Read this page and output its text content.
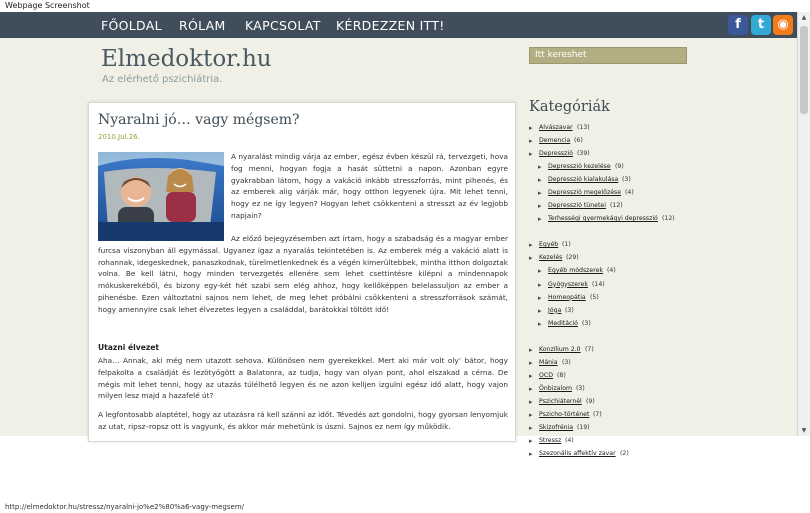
Webpage Screenshot
FŐOLDAL RÓLAM KAPCSOLAT KÉRDEZZEN ITT!	f	t	◉
Elmedoktor.hu
Az elérhető pszichiátria.
Itt kereshet
Nyaralni jó… vagy mégsem?
2010.Jul.26.
A nyaralást mindig várja az ember, egész évben készül rá, tervezgeti, hova fog menni, hogyan fogja a hasát süttetni a napon. Azonban egyre gyakrabban látom, hogy a vakáció inkább stresszforrás, mint pihenés, és az emberek alig várják már, hogy otthon legyenek újra. Mit lehet tenni, hogy ez ne így legyen? Hogyan lehet csökkenteni a stresszt az év legjobb napjain?
Az előző bejegyzésemben azt írtam, hogy a szabadság és a magyar ember furcsa viszonyban áll egymással. Ugyanez igaz a nyaralás tekintetében is. Az emberek még a vakáció alatt is rohannak, idegeskednek, panaszkodnak, türelmetlenkednek és a végén kimerültebbek, mintha itthon dolgoztak volna. Be kell látni, hogy minden tervezgetés ellenére sem lehet csettintésre kilépni a mindennapok mókuskerekéből, és bizony egy-két hét szabi sem elég ahhoz, hogy kellőképpen belelassuljon az ember a pihenésbe. Ezen változtatni sajnos nem lehet, de meg lehet próbálni csökkenteni a stresszforrások számát, hogy amennyire csak lehet élvezetes legyen a családdal, barátokkal töltött idő!
Utazni élvezet
Aha… Annak, aki még nem utazott sehova. Különösen nem gyerekekkel. Mert aki már volt oly’ bátor, hogy felpakolta a családját és lezötyögött a Balatonra, az tudja, hogy van olyan pont, ahol elszakad a cérna. De mégis mit lehet tenni, hogy az utazás túlélhető legyen és ne azon kelljen izgulni egész idő alatt, hogy vajon milyen lesz majd a hazafelé út?
A legfontosabb alaptétel, hogy az utazásra rá kell szánni az időt. Tévedés azt gondolni, hogy gyorsan lenyomjuk az utat, ripsz–ropsz ott is vagyunk, és akkor már mehetünk is úszni. Sajnos ez nem így működik.
Kategóriák
▸	Alvászavar (13)
▸	Demencia (6)
▸	Depresszió (39)
▸	Depresszió kezelése (9)
▸	Depresszió kialakulása (3)
▸	Depresszió megelőzése (4)
▸	Depresszió tünetei (12)
▸	Terhességi gyermekágyi depresszió (12)
▸	Egyéb (1)
▸	Kezelés (29)
▸	Egyéb módszerek (4)
▸	Gyógyszerek (14)
▸	Homeopátia (5)
▸	Jóga (3)
▸	Meditáció (3)
▸	Konzílium 2.0 (7)
▸	Mánia (3)
▸	OCD (8)
▸	Önbizalom (3)
▸	Pszichiáternél (9)
▸	Pszicho-történet (7)
▸	Skizofrénia (19)
▸	Stressz (4)
▸	Szezonális affektív zavar (2)
▲
▼
http://elmedoktor.hu/stressz/nyaralni-jo%e2%80%a6-vagy-megsem/
